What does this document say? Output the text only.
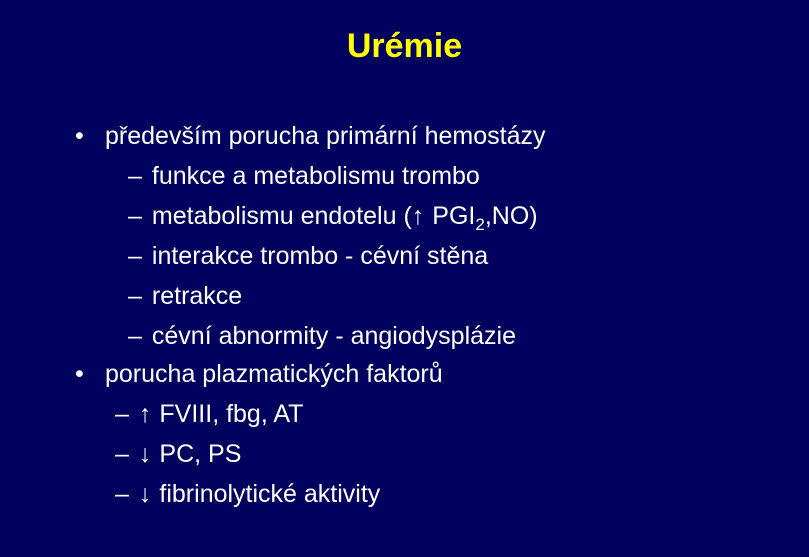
Urémie
• především porucha primární hemostázy
– funkce a metabolismu trombo
– metabolismu endotelu (↑ $PGI_2,NO$)
– interakce trombo - cévní stěna
– retrakce
– cévní abnormity - angiodysplázie
• porucha plazmatických faktorů
– ↑ FVIII, fbg, AT
– ↓ PC, PS
– ↓ fibrinolytické aktivity
